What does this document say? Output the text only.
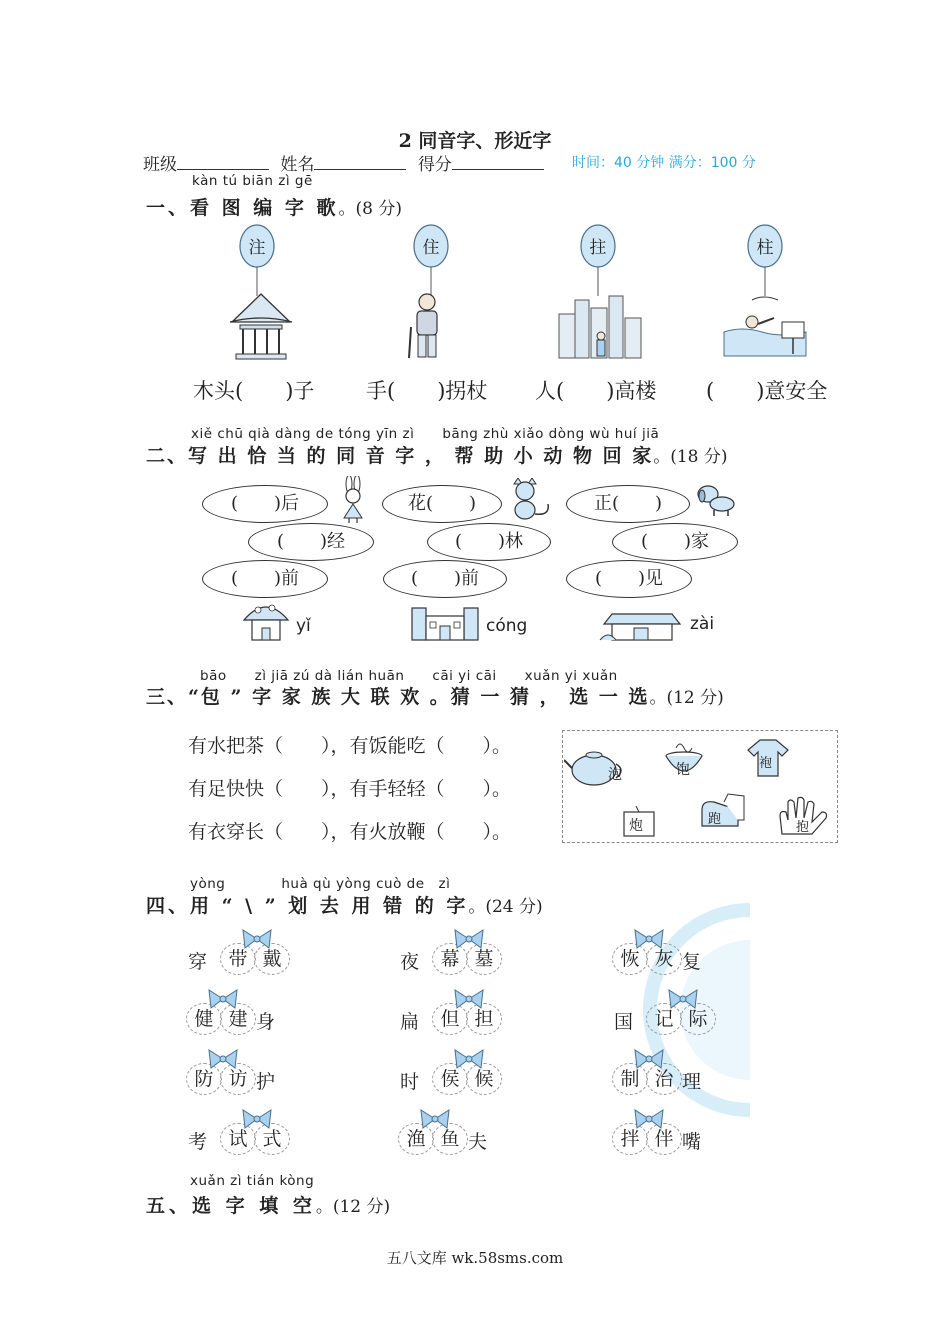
2 同音字、形近字
班级	姓名	得分	时间：40 分钟 满分：100 分
kàn tú biān zì gē
一、看 图 编 字 歌。(8 分)
注	住	拄	柱
木头(　　)子 手(　　)拐杖 人(　　)高楼 (　　)意安全
xiě chū qià dàng de tóng yīn zì　　bāng zhù xiǎo dòng wù huí jiā
二、写 出 恰 当 的 同 音 字 ， 帮 助 小 动 物 回 家。(18 分)
(　　)后	花(　　)	正(　　)
(　　)经	(　　)林	(　　)家
(　　)前	(　　)前	(　　)见
yǐ	cóng	zài
bāo　　zì jiā zú dà lián huān　　cāi yi cāi　　xuǎn yi xuǎn
三、“包 ” 字 家 族 大 联 欢 。猜 一 猜 ， 选 一 选。(12 分)
有水把茶（　　），有饭能吃（　　）。
有足快快（　　），有手轻轻（　　）。
有衣穿长（　　），有火放鞭（　　）。
泡	饱	袍
炮	跑
抱
yòng　　　　huà qù yòng cuò de　zì
四、用 “ \ ” 划 去 用 错 的 字。(24 分)
穿	带 戴	夜	幕 墓	恢 灰 复
健 建 身	扁	但 担	国	记 际
防 访 护	时	侯 候	制 治 理
考	试 式	渔 鱼 夫	拌 伴 嘴
xuǎn zì tián kòng
五、选 字 填 空。(12 分)
五八文库 wk.58sms.com
